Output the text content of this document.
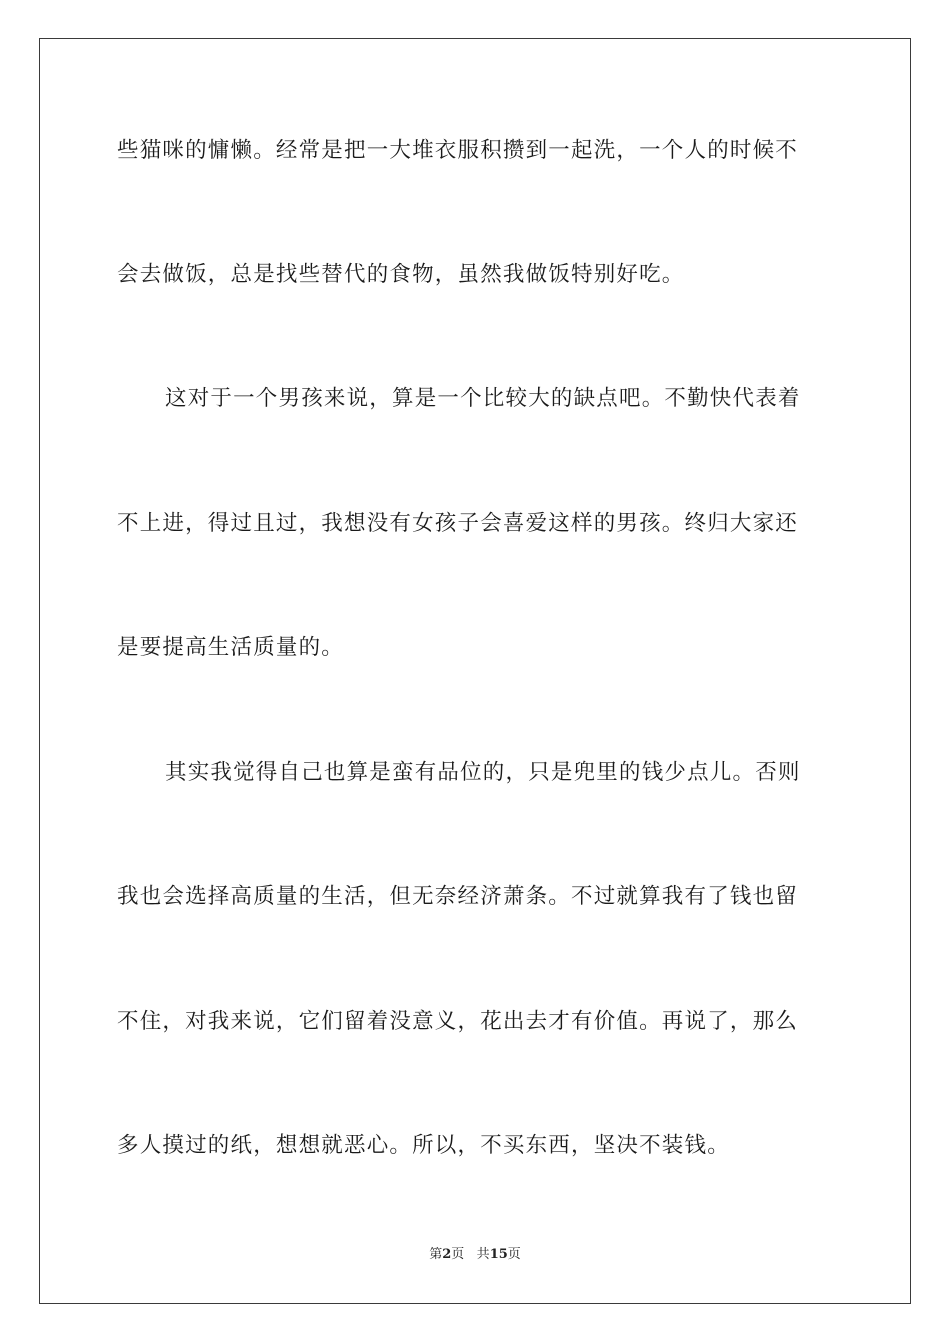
些猫咪的慵懒。经常是把一大堆衣服积攒到一起洗，一个人的时候不
会去做饭，总是找些替代的食物，虽然我做饭特别好吃。
这对于一个男孩来说，算是一个比较大的缺点吧。不勤快代表着
不上进，得过且过，我想没有女孩子会喜爱这样的男孩。终归大家还
是要提高生活质量的。
其实我觉得自己也算是蛮有品位的，只是兜里的钱少点儿。否则
我也会选择高质量的生活，但无奈经济萧条。不过就算我有了钱也留
不住，对我来说，它们留着没意义，花出去才有价值。再说了，那么
多人摸过的纸，想想就恶心。所以，不买东西，坚决不装钱。
第2页 共15页
